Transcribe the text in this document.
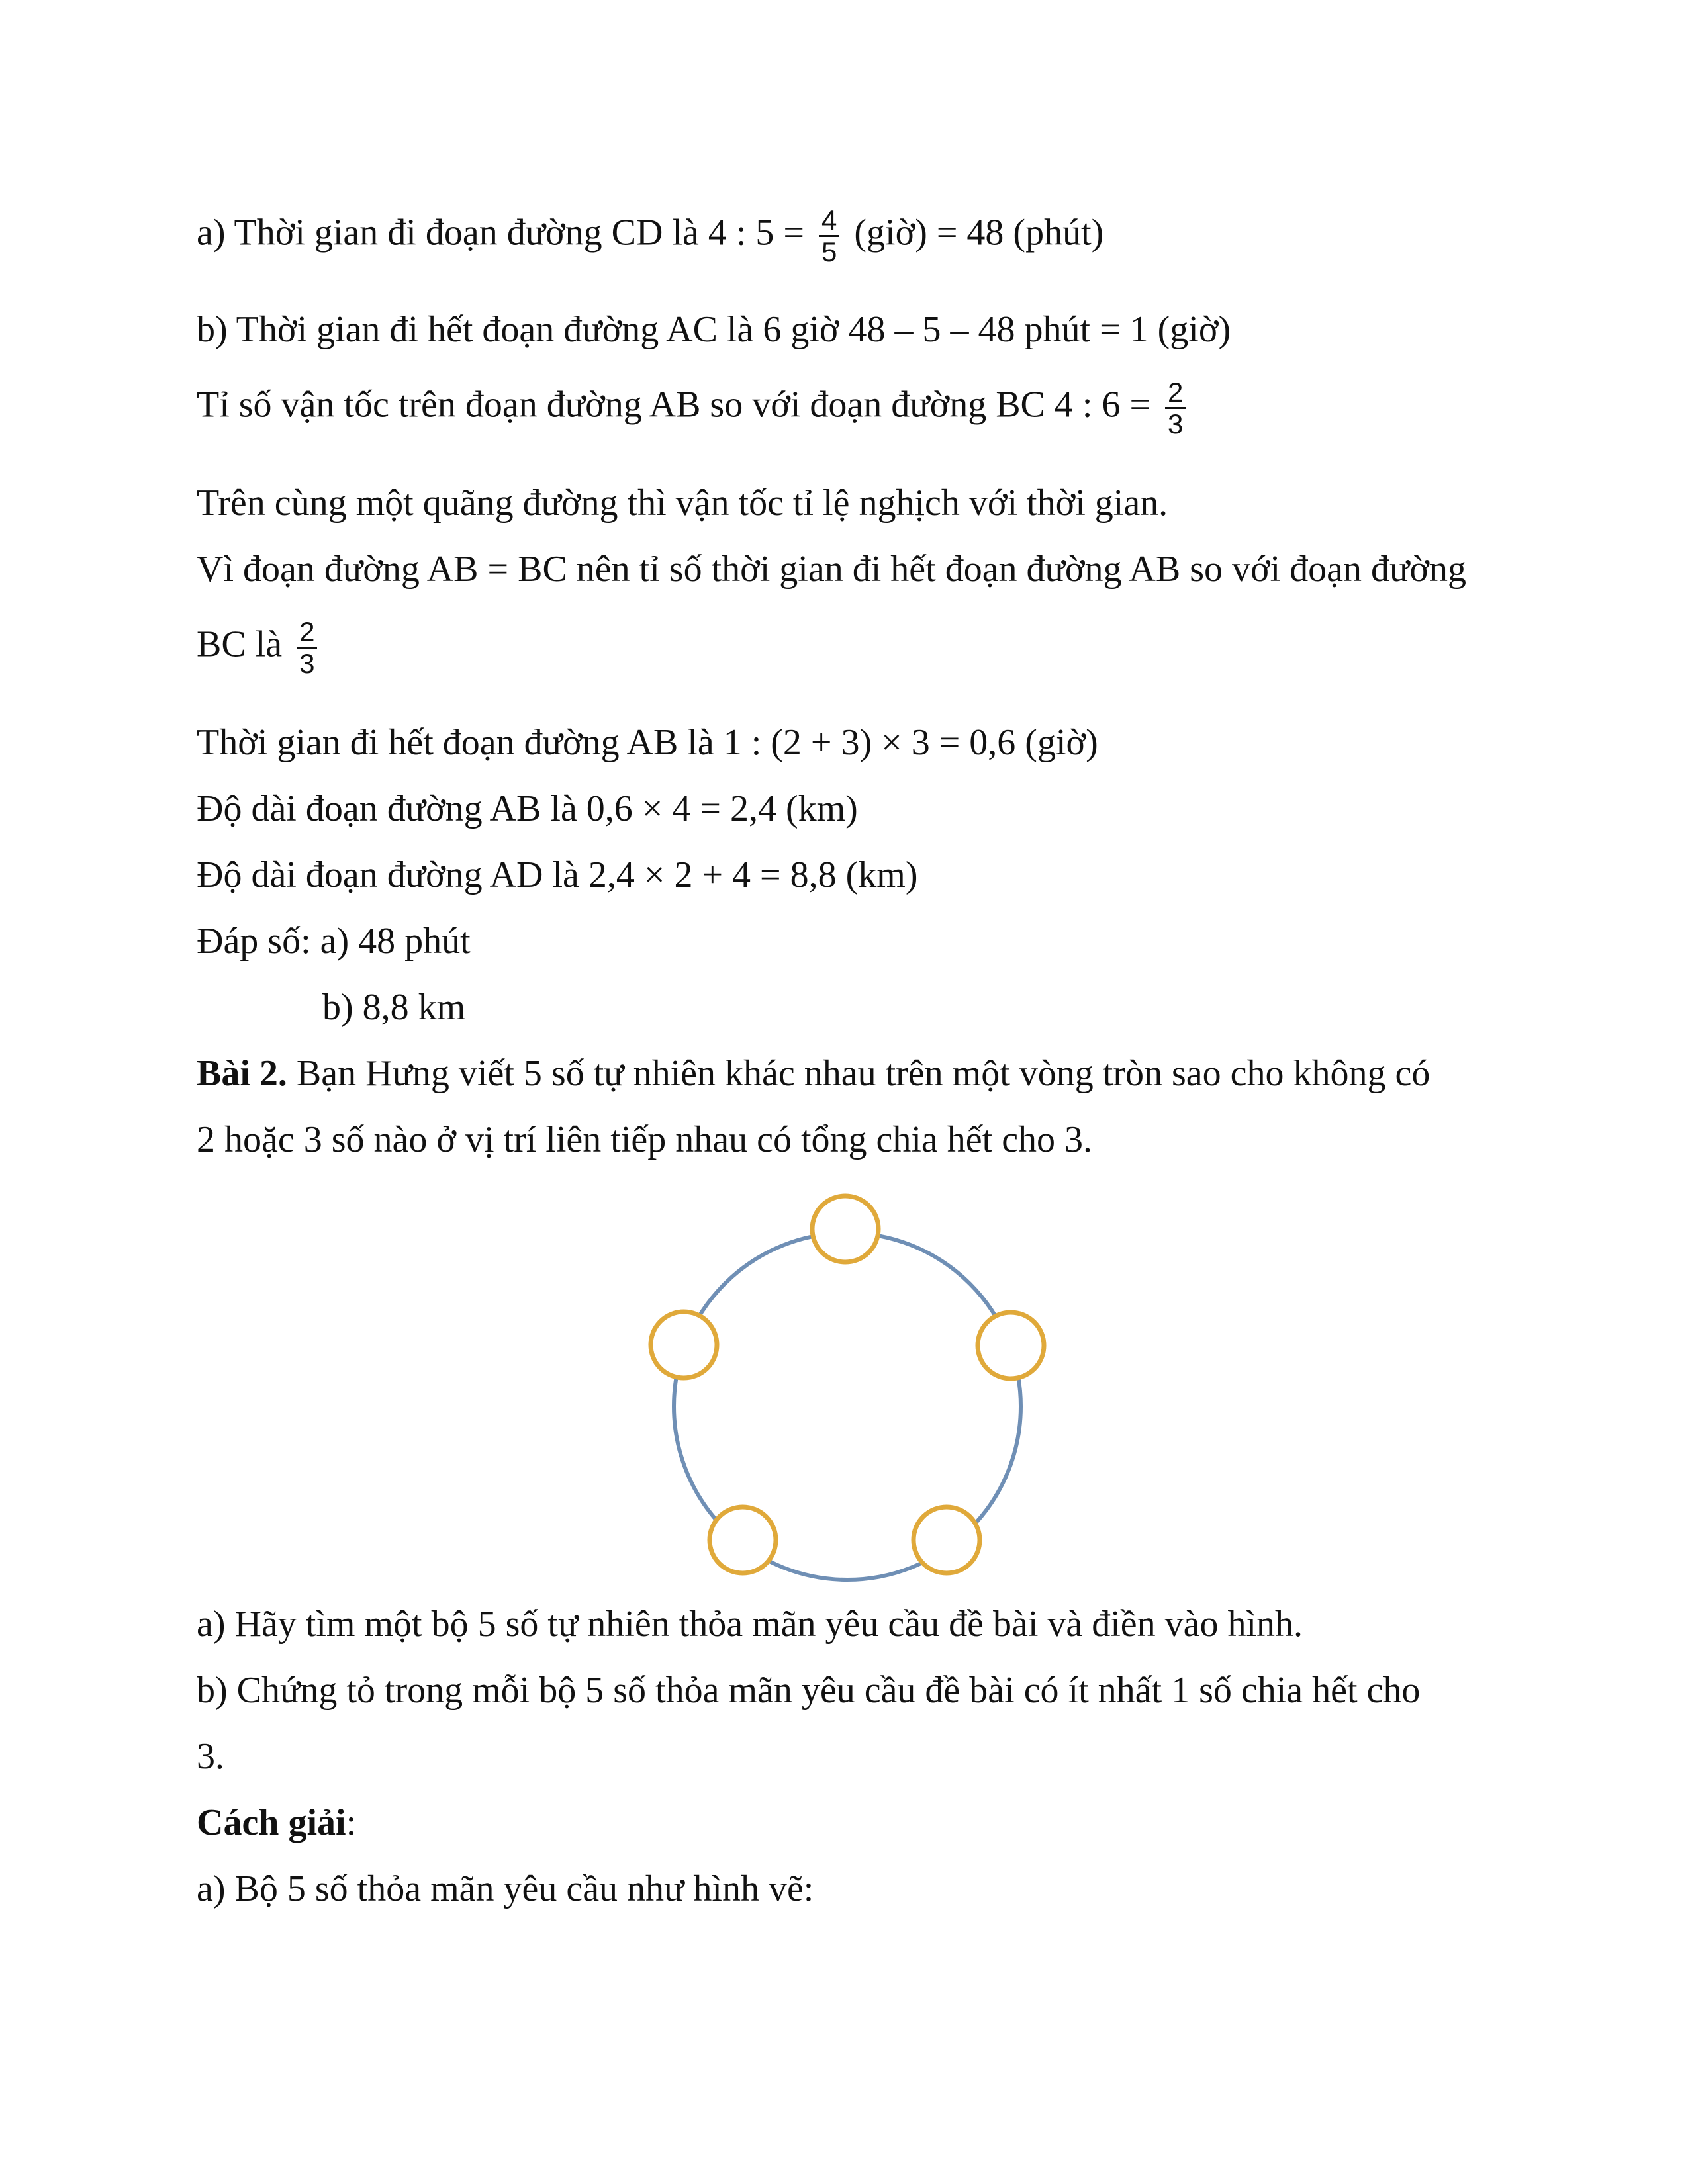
a) Thời gian đi đoạn đường CD là 4 : $5 = \frac{4}{5}$ (giờ) = 48 (phút)
b) Thời gian đi hết đoạn đường AC là 6 giờ 48 – 5 – 48 phút = 1 (giờ)
Tỉ số vận tốc trên đoạn đường AB so với đoạn đường BC 4 : $6 = \frac{2}{3}$
Trên cùng một quãng đường thì vận tốc tỉ lệ nghịch với thời gian.
Vì đoạn đường AB = BC nên tỉ số thời gian đi hết đoạn đường AB so với đoạn đường
BC là $\frac{2}{3}$
Thời gian đi hết đoạn đường AB là 1 : (2 + 3) × 3 = 0,6 (giờ)
Độ dài đoạn đường AB là 0,6 × 4 = 2,4 (km)
Độ dài đoạn đường AD là 2,4 × 2 + 4 = 8,8 (km)
Đáp số: a) 48 phút
b) 8,8 km
Bài 2. Bạn Hưng viết 5 số tự nhiên khác nhau trên một vòng tròn sao cho không có
2 hoặc 3 số nào ở vị trí liên tiếp nhau có tổng chia hết cho 3.
a) Hãy tìm một bộ 5 số tự nhiên thỏa mãn yêu cầu đề bài và điền vào hình.
b) Chứng tỏ trong mỗi bộ 5 số thỏa mãn yêu cầu đề bài có ít nhất 1 số chia hết cho
3.
Cách giải:
a) Bộ 5 số thỏa mãn yêu cầu như hình vẽ:
